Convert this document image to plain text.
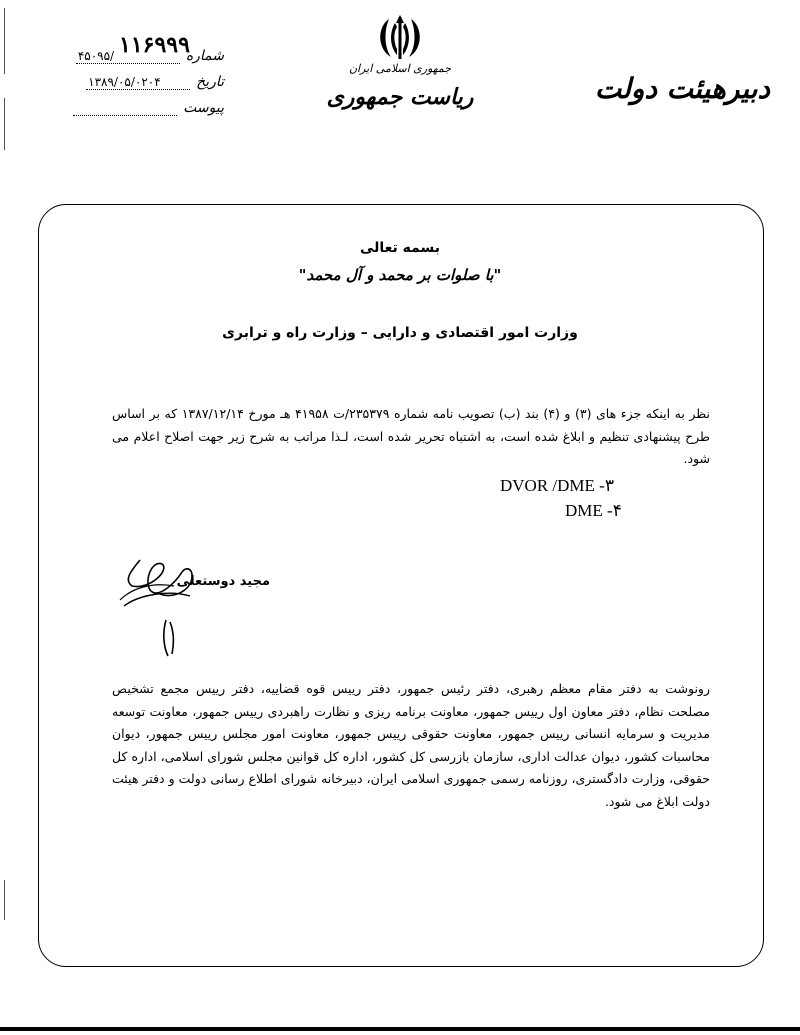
۱۱۶۹۹۹
شماره
۴۵۰۹۵/
تاریخ
۱۳۸۹/۰۵/۰۲۰۴
پیوست
جمهوری اسلامی ایران
ریاست جمهوری	دبیرهیئت دولت
بسمه تعالی
"با صلوات بر محمد و آل محمد"
وزارت امور اقتصادی و دارایی – وزارت راه و ترابری
نظر به اینکه جزء های (۳) و (۴) بند (ب) تصویب نامه شماره ۲۳۵۳۷۹/ت ۴۱۹۵۸ هـ مورخ ۱۳۸۷/۱۲/۱۴ که بر اساس طرح پیشنهادی تنظیم و ابلاغ شده است، به اشتباه تحریر شده است، لـذا مراتب به شرح زیر جهت اصلاح اعلام می شود.
DVOR /DME -۳
DME -۴
مجید دوستعلی
رونوشت به دفتر مقام معظم رهبری، دفتر رئیس جمهور، دفتر رییس قوه قضاییه، دفتر رییس مجمع تشخیص مصلحت نظام، دفتر معاون اول رییس جمهور، معاونت برنامه ریزی و نظارت راهبردی رییس جمهور، معاونت توسعه مدیریت و سرمایه انسانی رییس جمهور، معاونت حقوقی رییس جمهور، معاونت امور مجلس رییس جمهور، دیوان محاسبات کشور، دیوان عدالت اداری، سازمان بازرسی کل کشور، اداره کل قوانین مجلس شورای اسلامی، اداره کل حقوقی، وزارت دادگستری، روزنامه رسمی جمهوری اسلامی ایران، دبیرخانه شورای اطلاع رسانی دولت و دفتر هیئت دولت ابلاغ می شود.
